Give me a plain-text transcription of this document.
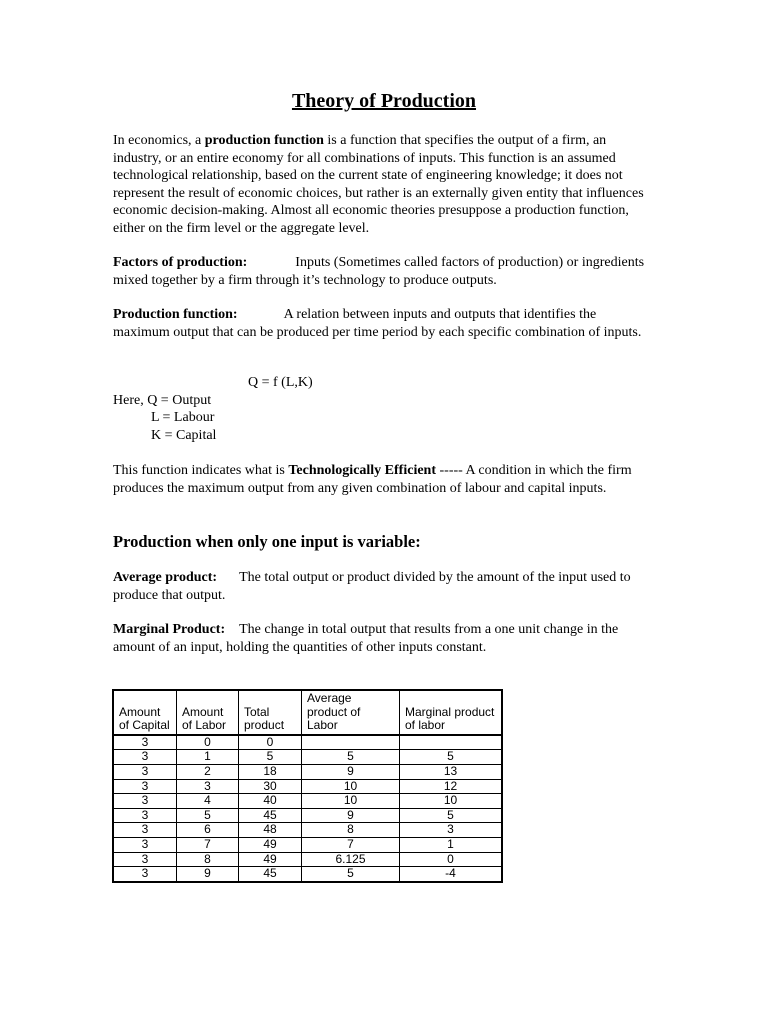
Theory of Production
In economics, a production function is a function that specifies the output of a firm, an industry, or an entire economy for all combinations of inputs. This function is an assumed technological relationship, based on the current state of engineering knowledge; it does not represent the result of economic choices, but rather is an externally given entity that influences economic decision-making. Almost all economic theories presuppose a production function, either on the firm level or the aggregate level.
Factors of production:	Inputs (Sometimes called factors of production) or ingredients mixed together by a firm through it’s technology to produce outputs.
Production function:	A relation between inputs and outputs that identifies the maximum output that can be produced per time period by each specific combination of inputs.
Q = f (L,K)
Here, Q = Output
L = Labour
K = Capital
This function indicates what is Technologically Efficient ----- A condition in which the firm produces the maximum output from any given combination of labour and capital inputs.
Production when only one input is variable:
Average product: The total output or product divided by the amount of the input used to produce that output.
Marginal Product: The change in total output that results from a one unit change in the amount of an input, holding the quantities of other inputs constant.
Amount of Capital	Amount of Labor	Total product	Average product of Labor	Marginal product of labor
3	0	0		
3	1	5	5	5
3	2	18	9	13
3	3	30	10	12
3	4	40	10	10
3	5	45	9	5
3	6	48	8	3
3	7	49	7	1
3	8	49	6.125	0
3	9	45	5	-4
